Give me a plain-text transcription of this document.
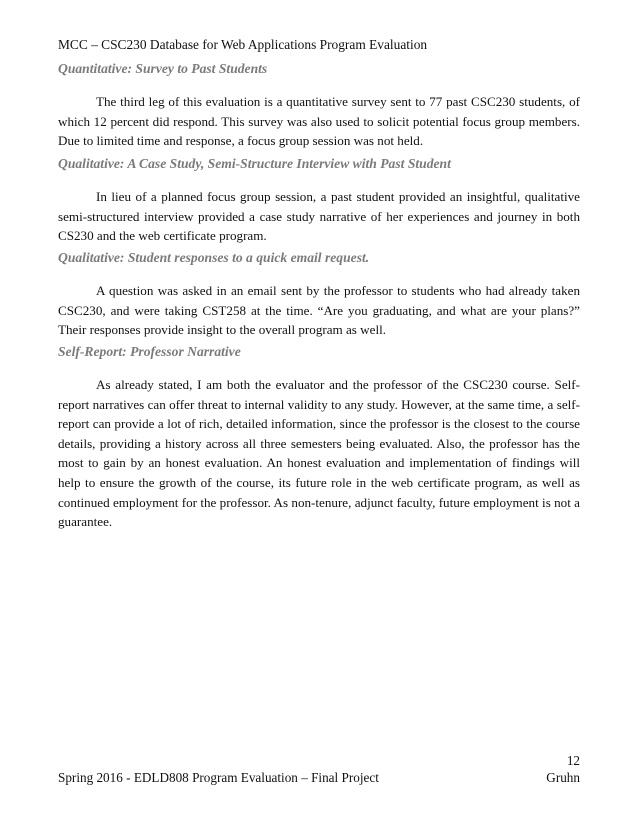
MCC – CSC230 Database for Web Applications Program Evaluation
Quantitative: Survey to Past Students

The third leg of this evaluation is a quantitative survey sent to 77 past CSC230 students, of which 12 percent did respond. This survey was also used to solicit potential focus group members. Due to limited time and response, a focus group session was not held.

Qualitative: A Case Study, Semi-Structure Interview with Past Student

In lieu of a planned focus group session, a past student provided an insightful, qualitative semi-structured interview provided a case study narrative of her experiences and journey in both CS230 and the web certificate program.

Qualitative: Student responses to a quick email request.

A question was asked in an email sent by the professor to students who had already taken CSC230, and were taking CST258 at the time. “Are you graduating, and what are your plans?” Their responses provide insight to the overall program as well.

Self-Report: Professor Narrative

As already stated, I am both the evaluator and the professor of the CSC230 course. Self-report narratives can offer threat to internal validity to any study. However, at the same time, a self-report can provide a lot of rich, detailed information, since the professor is the closest to the course details, providing a history across all three semesters being evaluated. Also, the professor has the most to gain by an honest evaluation. An honest evaluation and implementation of findings will help to ensure the growth of the course, its future role in the web certificate program, as well as continued employment for the professor. As non-tenure, adjunct faculty, future employment is not a guarantee.

12
Spring 2016 - EDLD808 Program Evaluation – Final Project	Gruhn
